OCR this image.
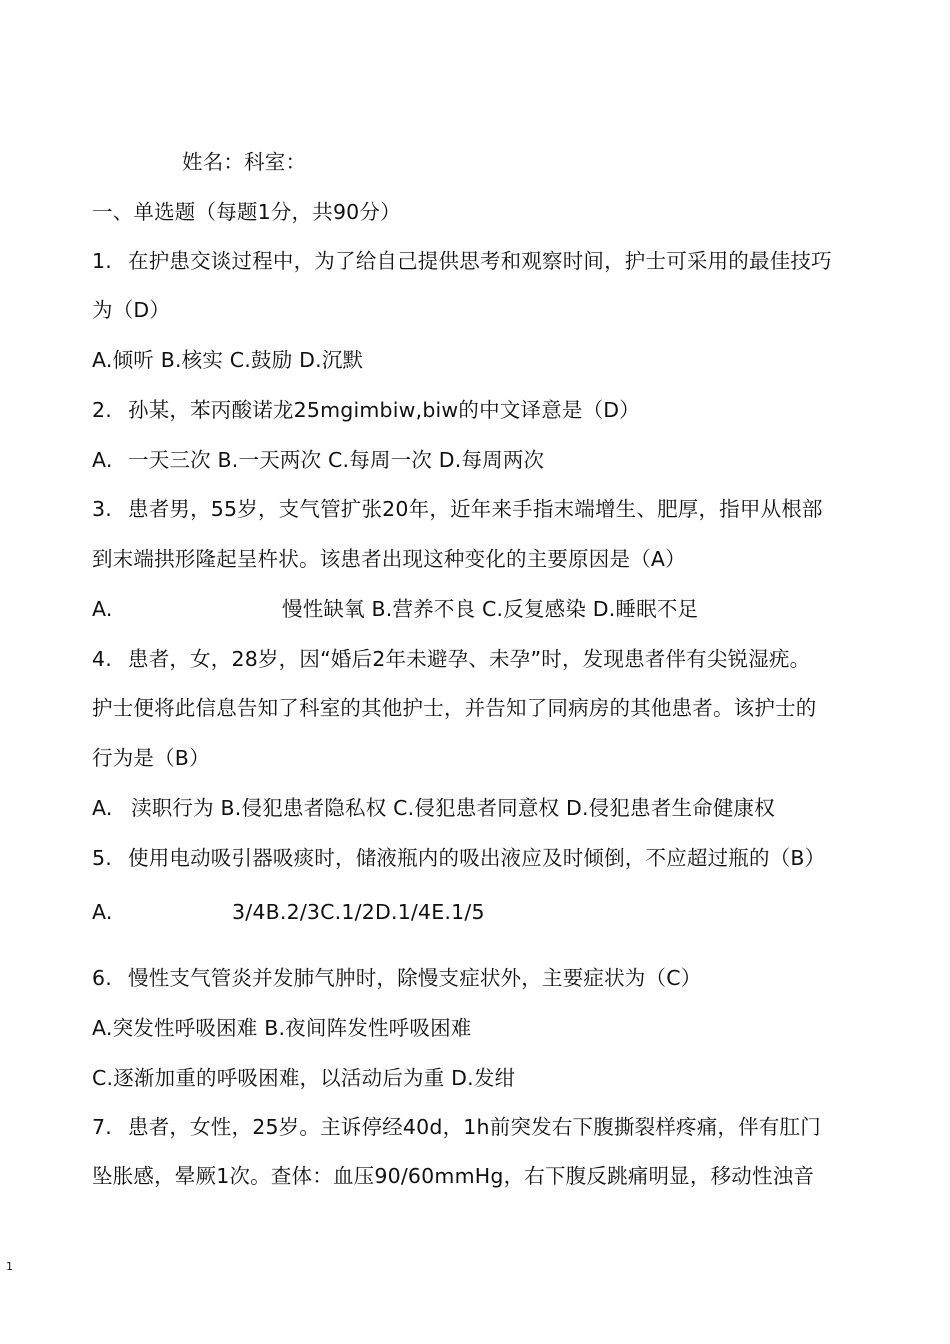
姓名：科室：
一、单选题（每题1分，共90分）
1. 在护患交谈过程中，为了给自己提供思考和观察时间，护士可采用的最佳技巧
为（D）
A.倾听 B.核实 C.鼓励 D.沉默
2. 孙某，苯丙酸诺龙25mgimbiw,biw的中文译意是（D）
A. 一天三次 B.一天两次 C.每周一次 D.每周两次
3. 患者男，55岁，支气管扩张20年，近年来手指末端增生、肥厚，指甲从根部
到末端拱形隆起呈杵状。该患者出现这种变化的主要原因是（A）
A.	慢性缺氧 B.营养不良 C.反复感染 D.睡眠不足
4. 患者，女，28岁，因“婚后2年未避孕、未孕”时，发现患者伴有尖锐湿疣。
护士便将此信息告知了科室的其他护士，并告知了同病房的其他患者。该护士的
行为是（B）
A. 渎职行为 B.侵犯患者隐私权 C.侵犯患者同意权 D.侵犯患者生命健康权
5. 使用电动吸引器吸痰时，储液瓶内的吸出液应及时倾倒，不应超过瓶的（B）
A.	3/4B.2/3C.1/2D.1/4E.1/5
6. 慢性支气管炎并发肺气肿时，除慢支症状外，主要症状为（C）
A.突发性呼吸困难 B.夜间阵发性呼吸困难
C.逐渐加重的呼吸困难，以活动后为重 D.发绀
7. 患者，女性，25岁。主诉停经40d，1h前突发右下腹撕裂样疼痛，伴有肛门
坠胀感，晕厥1次。查体：血压90/60mmHg，右下腹反跳痛明显，移动性浊音
1
